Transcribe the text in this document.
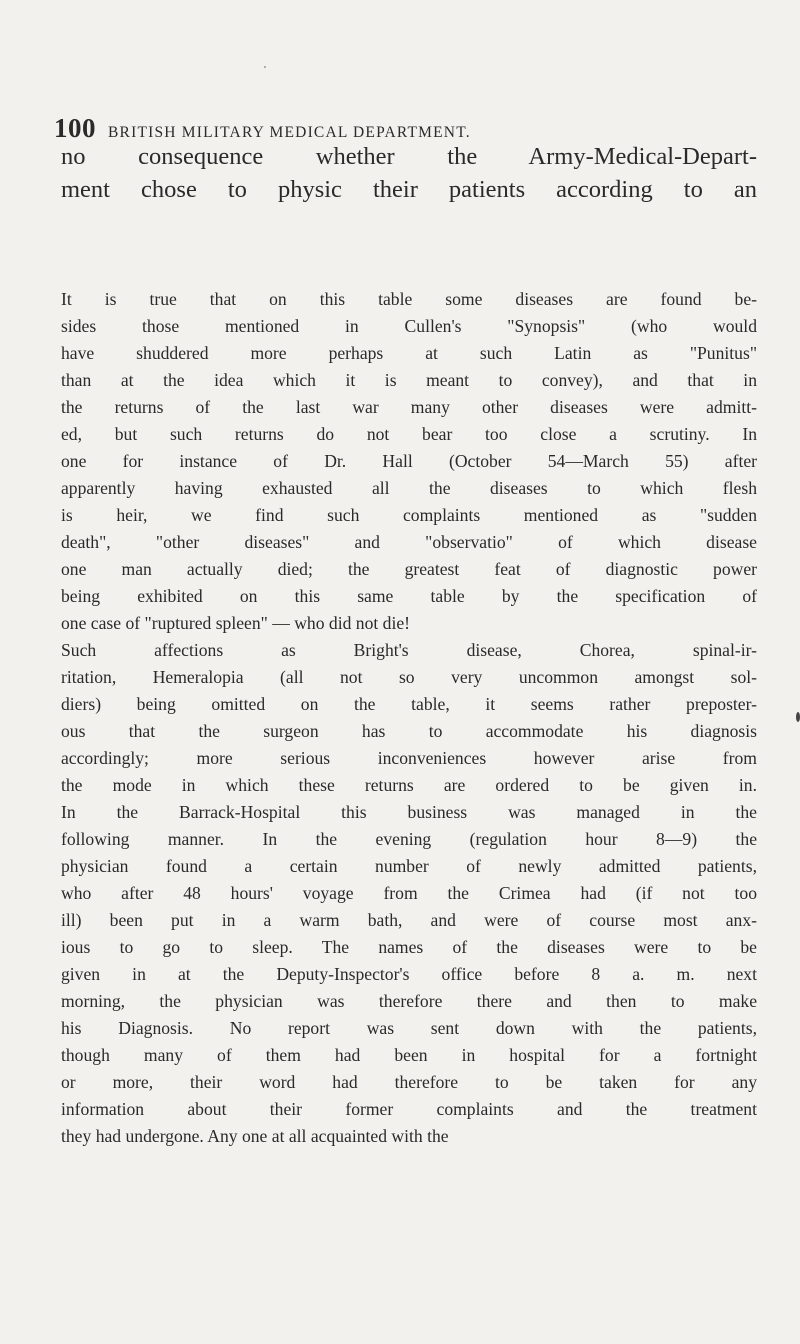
100 BRITISH MILITARY MEDICAL DEPARTMENT.
no consequence whether the Army-Medical-Depart-
ment chose to physic their patients according to an
It is true that on this table some diseases are found be-
sides those mentioned in Cullen's "Synopsis" (who would
have shuddered more perhaps at such Latin as "Punitus"
than at the idea which it is meant to convey), and that in
the returns of the last war many other diseases were admitt-
ed, but such returns do not bear too close a scrutiny. In
one for instance of Dr. Hall (October 54—March 55) after
apparently having exhausted all the diseases to which flesh
is heir, we find such complaints mentioned as "sudden
death", "other diseases" and "observatio" of which disease
one man actually died; the greatest feat of diagnostic power
being exhibited on this same table by the specification of
one case of "ruptured spleen" — who did not die!
Such affections as Bright's disease, Chorea, spinal-ir-
ritation, Hemeralopia (all not so very uncommon amongst sol-
diers) being omitted on the table, it seems rather preposter-
ous that the surgeon has to accommodate his diagnosis
accordingly; more serious inconveniences however arise from
the mode in which these returns are ordered to be given in.
In the Barrack-Hospital this business was managed in the
following manner. In the evening (regulation hour 8—9) the
physician found a certain number of newly admitted patients,
who after 48 hours' voyage from the Crimea had (if not too
ill) been put in a warm bath, and were of course most anx-
ious to go to sleep. The names of the diseases were to be
given in at the Deputy-Inspector's office before 8 a. m. next
morning, the physician was therefore there and then to make
his Diagnosis. No report was sent down with the patients,
though many of them had been in hospital for a fortnight
or more, their word had therefore to be taken for any
information about their former complaints and the treatment
they had undergone. Any one at all acquainted with the
